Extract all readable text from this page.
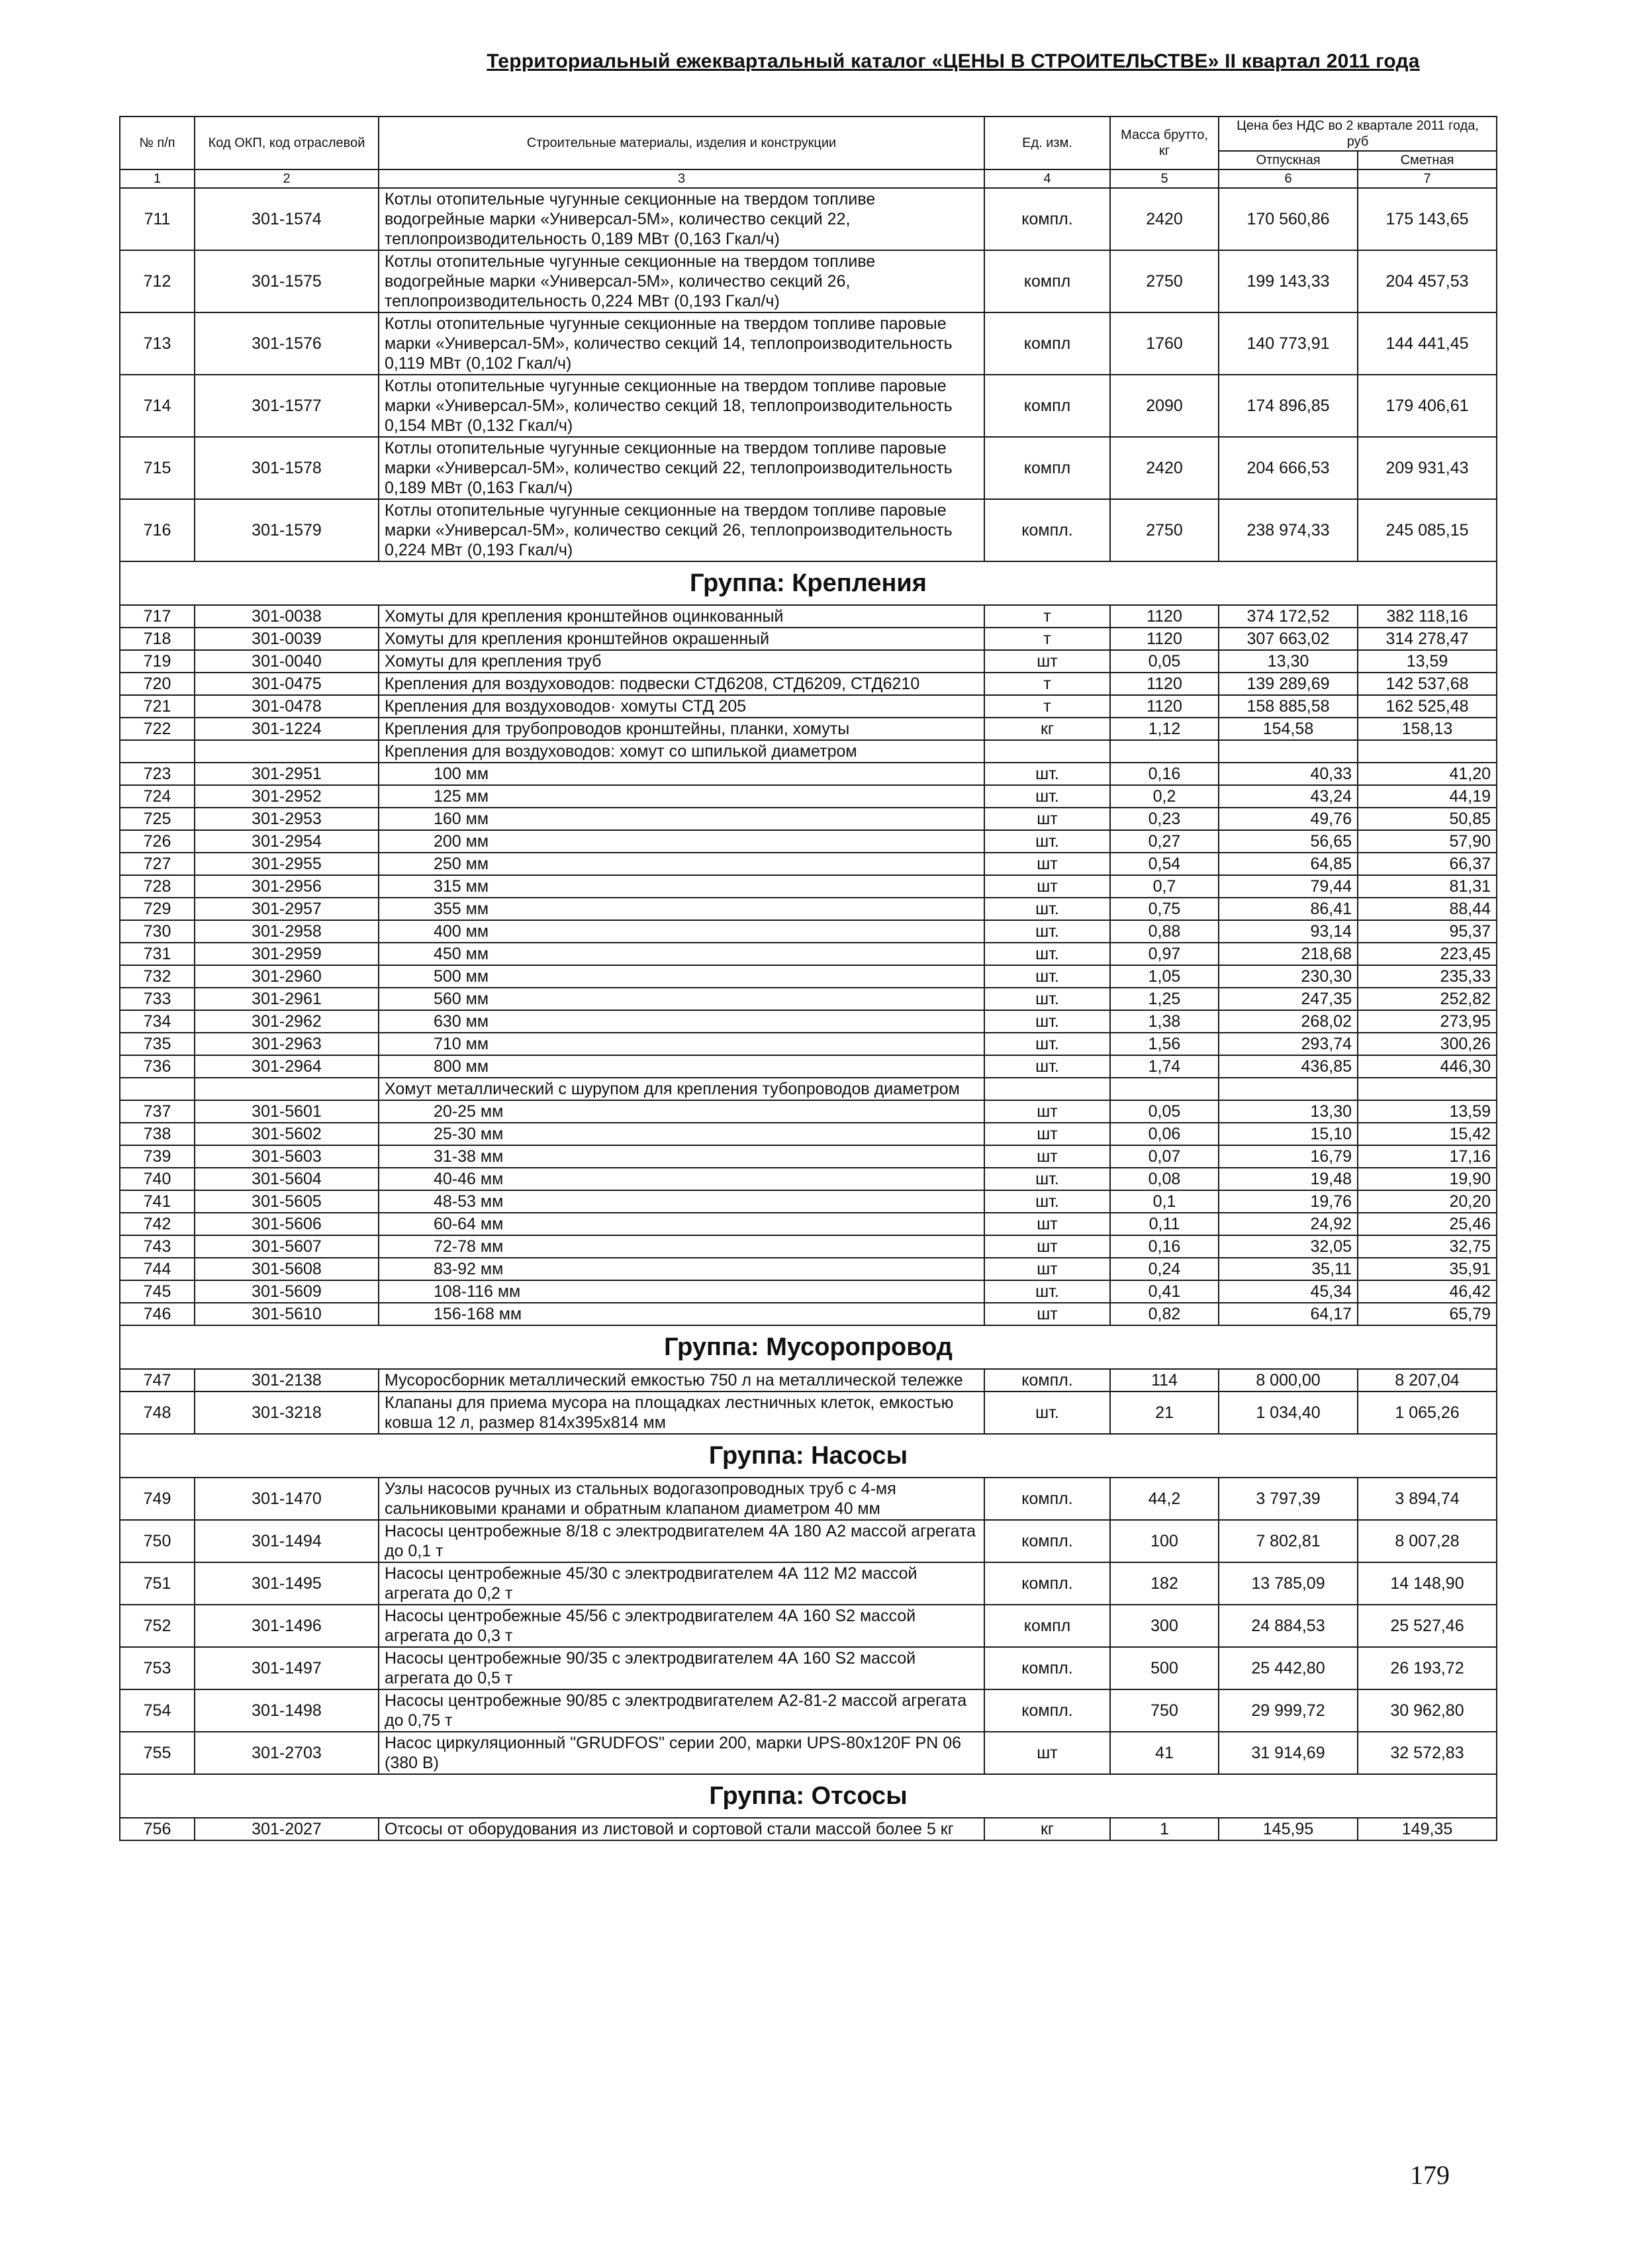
Территориальный ежеквартальный каталог «ЦЕНЫ В СТРОИТЕЛЬСТВЕ» II квартал 2011 года
№ п/п	Код ОКП, код отраслевой	Строительные материалы, изделия и конструкции	Ед. изм.	Масса брутто, кг	Цена без НДС во 2 квартале 2011 года, руб	
					Отпускная	Сметная
1	2	3	4	5	6	7
711	301-1574	Котлы отопительные чугунные секционные на твердом топливе водогрейные марки «Универсал-5М», количество секций 22, теплопроизводительность 0,189 МВт (0,163 Гкал/ч)	компл.	2420	170 560,86	175 143,65
712	301-1575	Котлы отопительные чугунные секционные на твердом топливе водогрейные марки «Универсал-5М», количество секций 26, теплопроизводительность 0,224 МВт (0,193 Гкал/ч)	компл	2750	199 143,33	204 457,53
713	301-1576	Котлы отопительные чугунные секционные на твердом топливе паровые марки «Универсал-5М», количество секций 14, теплопроизводительность 0,119 МВт (0,102 Гкал/ч)	компл	1760	140 773,91	144 441,45
714	301-1577	Котлы отопительные чугунные секционные на твердом топливе паровые марки «Универсал-5М», количество секций 18, теплопроизводительность 0,154 МВт (0,132 Гкал/ч)	компл	2090	174 896,85	179 406,61
715	301-1578	Котлы отопительные чугунные секционные на твердом топливе паровые марки «Универсал-5М», количество секций 22, теплопроизводительность 0,189 МВт (0,163 Гкал/ч)	компл	2420	204 666,53	209 931,43
716	301-1579	Котлы отопительные чугунные секционные на твердом топливе паровые марки «Универсал-5М», количество секций 26, теплопроизводительность 0,224 МВт (0,193 Гкал/ч)	компл.	2750	238 974,33	245 085,15
Группа: Крепления						
717	301-0038	Хомуты для крепления кронштейнов оцинкованный	т	1120	374 172,52	382 118,16
718	301-0039	Хомуты для крепления кронштейнов окрашенный	т	1120	307 663,02	314 278,47
719	301-0040	Хомуты для крепления труб	шт	0,05	13,30	13,59
720	301-0475	Крепления для воздуховодов: подвески СТД6208, СТД6209, СТД6210	т	1120	139 289,69	142 537,68
721	301-0478	Крепления для воздуховодов· хомуты СТД 205	т	1120	158 885,58	162 525,48
722	301-1224	Крепления для трубопроводов кронштейны, планки, хомуты	кг	1,12	154,58	158,13
		Крепления для воздуховодов: хомут со шпилькой диаметром				
723	301-2951	100 мм	шт.	0,16	40,33	41,20
724	301-2952	125 мм	шт.	0,2	43,24	44,19
725	301-2953	160 мм	шт	0,23	49,76	50,85
726	301-2954	200 мм	шт.	0,27	56,65	57,90
727	301-2955	250 мм	шт	0,54	64,85	66,37
728	301-2956	315 мм	шт	0,7	79,44	81,31
729	301-2957	355 мм	шт.	0,75	86,41	88,44
730	301-2958	400 мм	шт.	0,88	93,14	95,37
731	301-2959	450 мм	шт.	0,97	218,68	223,45
732	301-2960	500 мм	шт.	1,05	230,30	235,33
733	301-2961	560 мм	шт.	1,25	247,35	252,82
734	301-2962	630 мм	шт.	1,38	268,02	273,95
735	301-2963	710 мм	шт.	1,56	293,74	300,26
736	301-2964	800 мм	шт.	1,74	436,85	446,30
		Хомут металлический с шурупом для крепления тубопроводов диаметром				
737	301-5601	20-25 мм	шт	0,05	13,30	13,59
738	301-5602	25-30 мм	шт	0,06	15,10	15,42
739	301-5603	31-38 мм	шт	0,07	16,79	17,16
740	301-5604	40-46 мм	шт.	0,08	19,48	19,90
741	301-5605	48-53 мм	шт.	0,1	19,76	20,20
742	301-5606	60-64 мм	шт	0,11	24,92	25,46
743	301-5607	72-78 мм	шт	0,16	32,05	32,75
744	301-5608	83-92 мм	шт	0,24	35,11	35,91
745	301-5609	108-116 мм	шт.	0,41	45,34	46,42
746	301-5610	156-168 мм	шт	0,82	64,17	65,79
Группа: Мусоропровод						
747	301-2138	Мусоросборник металлический емкостью 750 л на металлической тележке	компл.	114	8 000,00	8 207,04
748	301-3218	Клапаны для приема мусора на площадках лестничных клеток, емкостью ковша 12 л, размер 814х395х814 мм	шт.	21	1 034,40	1 065,26
Группа: Насосы						
749	301-1470	Узлы насосов ручных из стальных водогазопроводных труб с 4-мя сальниковыми кранами и обратным клапаном диаметром 40 мм	компл.	44,2	3 797,39	3 894,74
750	301-1494	Насосы центробежные 8/18 с электродвигателем 4А 180 А2 массой агрегата до 0,1 т	компл.	100	7 802,81	8 007,28
751	301-1495	Насосы центробежные 45/30 с электродвигателем 4А 112 М2 массой агрегата до 0,2 т	компл.	182	13 785,09	14 148,90
752	301-1496	Насосы центробежные 45/56 с электродвигателем 4А 160 S2 массой агрегата до 0,3 т	компл	300	24 884,53	25 527,46
753	301-1497	Насосы центробежные 90/35 с электродвигателем 4А 160 S2 массой агрегата до 0,5 т	компл.	500	25 442,80	26 193,72
754	301-1498	Насосы центробежные 90/85 с электродвигателем А2-81-2 массой агрегата до 0,75 т	компл.	750	29 999,72	30 962,80
755	301-2703	Насос циркуляционный "GRUDFOS" серии 200, марки UPS-80х120F PN 06 (380 В)	шт	41	31 914,69	32 572,83
Группа: Отсосы						
756	301-2027	Отсосы от оборудования из листовой и сортовой стали массой более 5 кг	кг	1	145,95	149,35
179
